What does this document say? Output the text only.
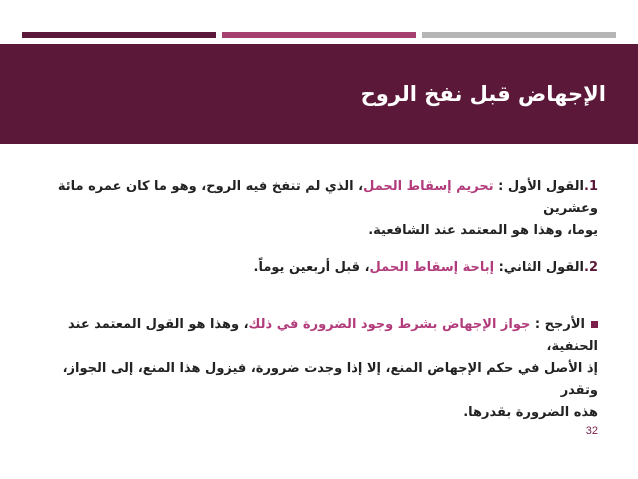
الإجهاض قبل نفخ الروح
1.القول الأول : تحريم إسقاط الحمل، الذي لم تنفخ فيه الروح، وهو ما كان عمره مائة وعشرين
يوما، وهذا هو المعتمد عند الشافعية.
2.القول الثاني: إباحة إسقاط الحمل، قبل أربعين يوماً.
الأرجح : جواز الإجهاض بشرط وجود الضرورة في ذلك، وهذا هو القول المعتمد عند الحنفية،
إذ الأصل في حكم الإجهاض المنع، إلا إذا وجدت ضرورة، فيزول هذا المنع، إلى الجواز، وتقدر
هذه الضرورة بقدرها.
32
